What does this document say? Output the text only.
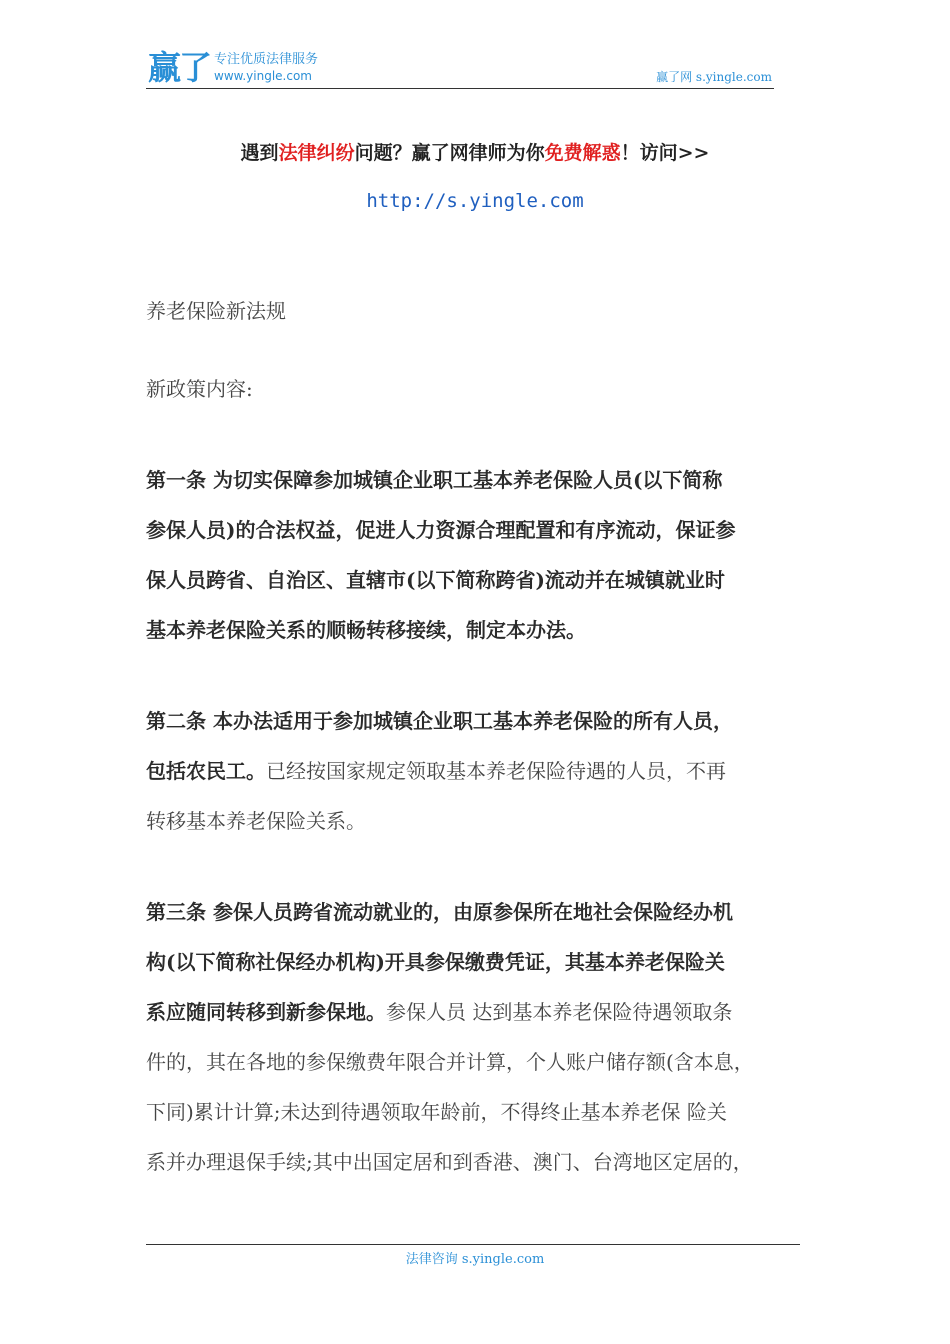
赢了 专注优质法律服务
www.yingle.com	赢了网 s.yingle.com
遇到法律纠纷问题？赢了网律师为你免费解惑！访问>>
http://s.yingle.com

养老保险新法规

新政策内容:

第一条 为切实保障参加城镇企业职工基本养老保险人员(以下简称

参保人员)的合法权益，促进人力资源合理配置和有序流动，保证参

保人员跨省、自治区、直辖市(以下简称跨省)流动并在城镇就业时

基本养老保险关系的顺畅转移接续，制定本办法。

第二条 本办法适用于参加城镇企业职工基本养老保险的所有人员，

包括农民工。已经按国家规定领取基本养老保险待遇的人员，不再

转移基本养老保险关系。

第三条 参保人员跨省流动就业的，由原参保所在地社会保险经办机

构(以下简称社保经办机构)开具参保缴费凭证，其基本养老保险关

系应随同转移到新参保地。参保人员 达到基本养老保险待遇领取条

件的，其在各地的参保缴费年限合并计算，个人账户储存额(含本息，

下同)累计计算;未达到待遇领取年龄前，不得终止基本养老保 险关

系并办理退保手续;其中出国定居和到香港、澳门、台湾地区定居的，

法律咨询 s.yingle.com
